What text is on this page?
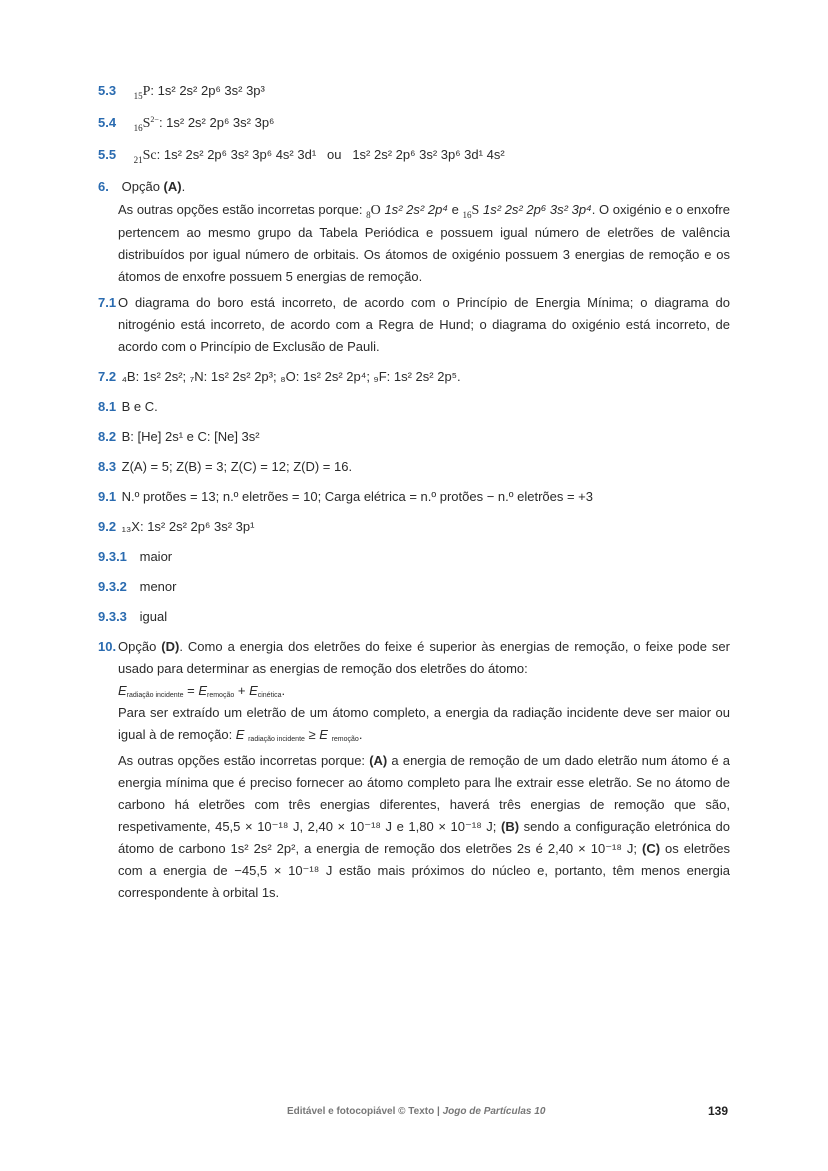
5.3 $_{15}$P: 1s² 2s² 2p⁶ 3s² 3p³
5.4 $_{16}S^{2-}$: 1s² 2s² 2p⁶ 3s² 3p⁶
5.5 $_{21}$Sc: 1s² 2s² 2p⁶ 3s² 3p⁶ 4s² 3d¹ ou 1s² 2s² 2p⁶ 3s² 3p⁶ 3d¹ 4s²
6. Opção (A).
As outras opções estão incorretas porque: $_8$O 1s² 2s² 2p⁴ e $_{16}$S 1s² 2s² 2p⁶ 3s² 3p⁴. O oxigénio e o enxofre pertencem ao mesmo grupo da Tabela Periódica e possuem igual número de eletrões de valência distribuídos por igual número de orbitais. Os átomos de oxigénio possuem 3 energias de remoção e os átomos de enxofre possuem 5 energias de remoção.
7.1 O diagrama do boro está incorreto, de acordo com o Princípio de Energia Mínima; o diagrama do nitrogénio está incorreto, de acordo com a Regra de Hund; o diagrama do oxigénio está incorreto, de acordo com o Princípio de Exclusão de Pauli.
7.2 ₄B: 1s² 2s²; ₇N: 1s² 2s² 2p³; ₈O: 1s² 2s² 2p⁴; ₉F: 1s² 2s² 2p⁵.
8.1 B e C.
8.2 B: [He] 2s¹ e C: [Ne] 3s²
8.3 Z(A) = 5; Z(B) = 3; Z(C) = 12; Z(D) = 16.
9.1 N.º protões = 13; n.º eletrões = 10; Carga elétrica = n.º protões − n.º eletrões = +3
9.2 ₁₃X: 1s² 2s² 2p⁶ 3s² 3p¹
9.3.1 maior
9.3.2 menor
9.3.3 igual
10. Opção (D). Como a energia dos eletrões do feixe é superior às energias de remoção, o feixe pode ser usado para determinar as energias de remoção dos eletrões do átomo:
Eradiação incidente = Eremoção + Ecinética.
Para ser extraído um eletrão de um átomo completo, a energia da radiação incidente deve ser maior ou igual à de remoção: E radiação incidente ≥ E remoção.
As outras opções estão incorretas porque: (A) a energia de remoção de um dado eletrão num átomo é a energia mínima que é preciso fornecer ao átomo completo para lhe extrair esse eletrão. Se no átomo de carbono há eletrões com três energias diferentes, haverá três energias de remoção que são, respetivamente, 45,5 × 10⁻¹⁸ J, 2,40 × 10⁻¹⁸ J e 1,80 × 10⁻¹⁸ J; (B) sendo a configuração eletrónica do átomo de carbono 1s² 2s² 2p², a energia de remoção dos eletrões 2s é 2,40 × 10⁻¹⁸ J; (C) os eletrões com a energia de −45,5 × 10⁻¹⁸ J estão mais próximos do núcleo e, portanto, têm menos energia correspondente à orbital 1s.
Editável e fotocopiável © Texto | Jogo de Partículas 10	139
